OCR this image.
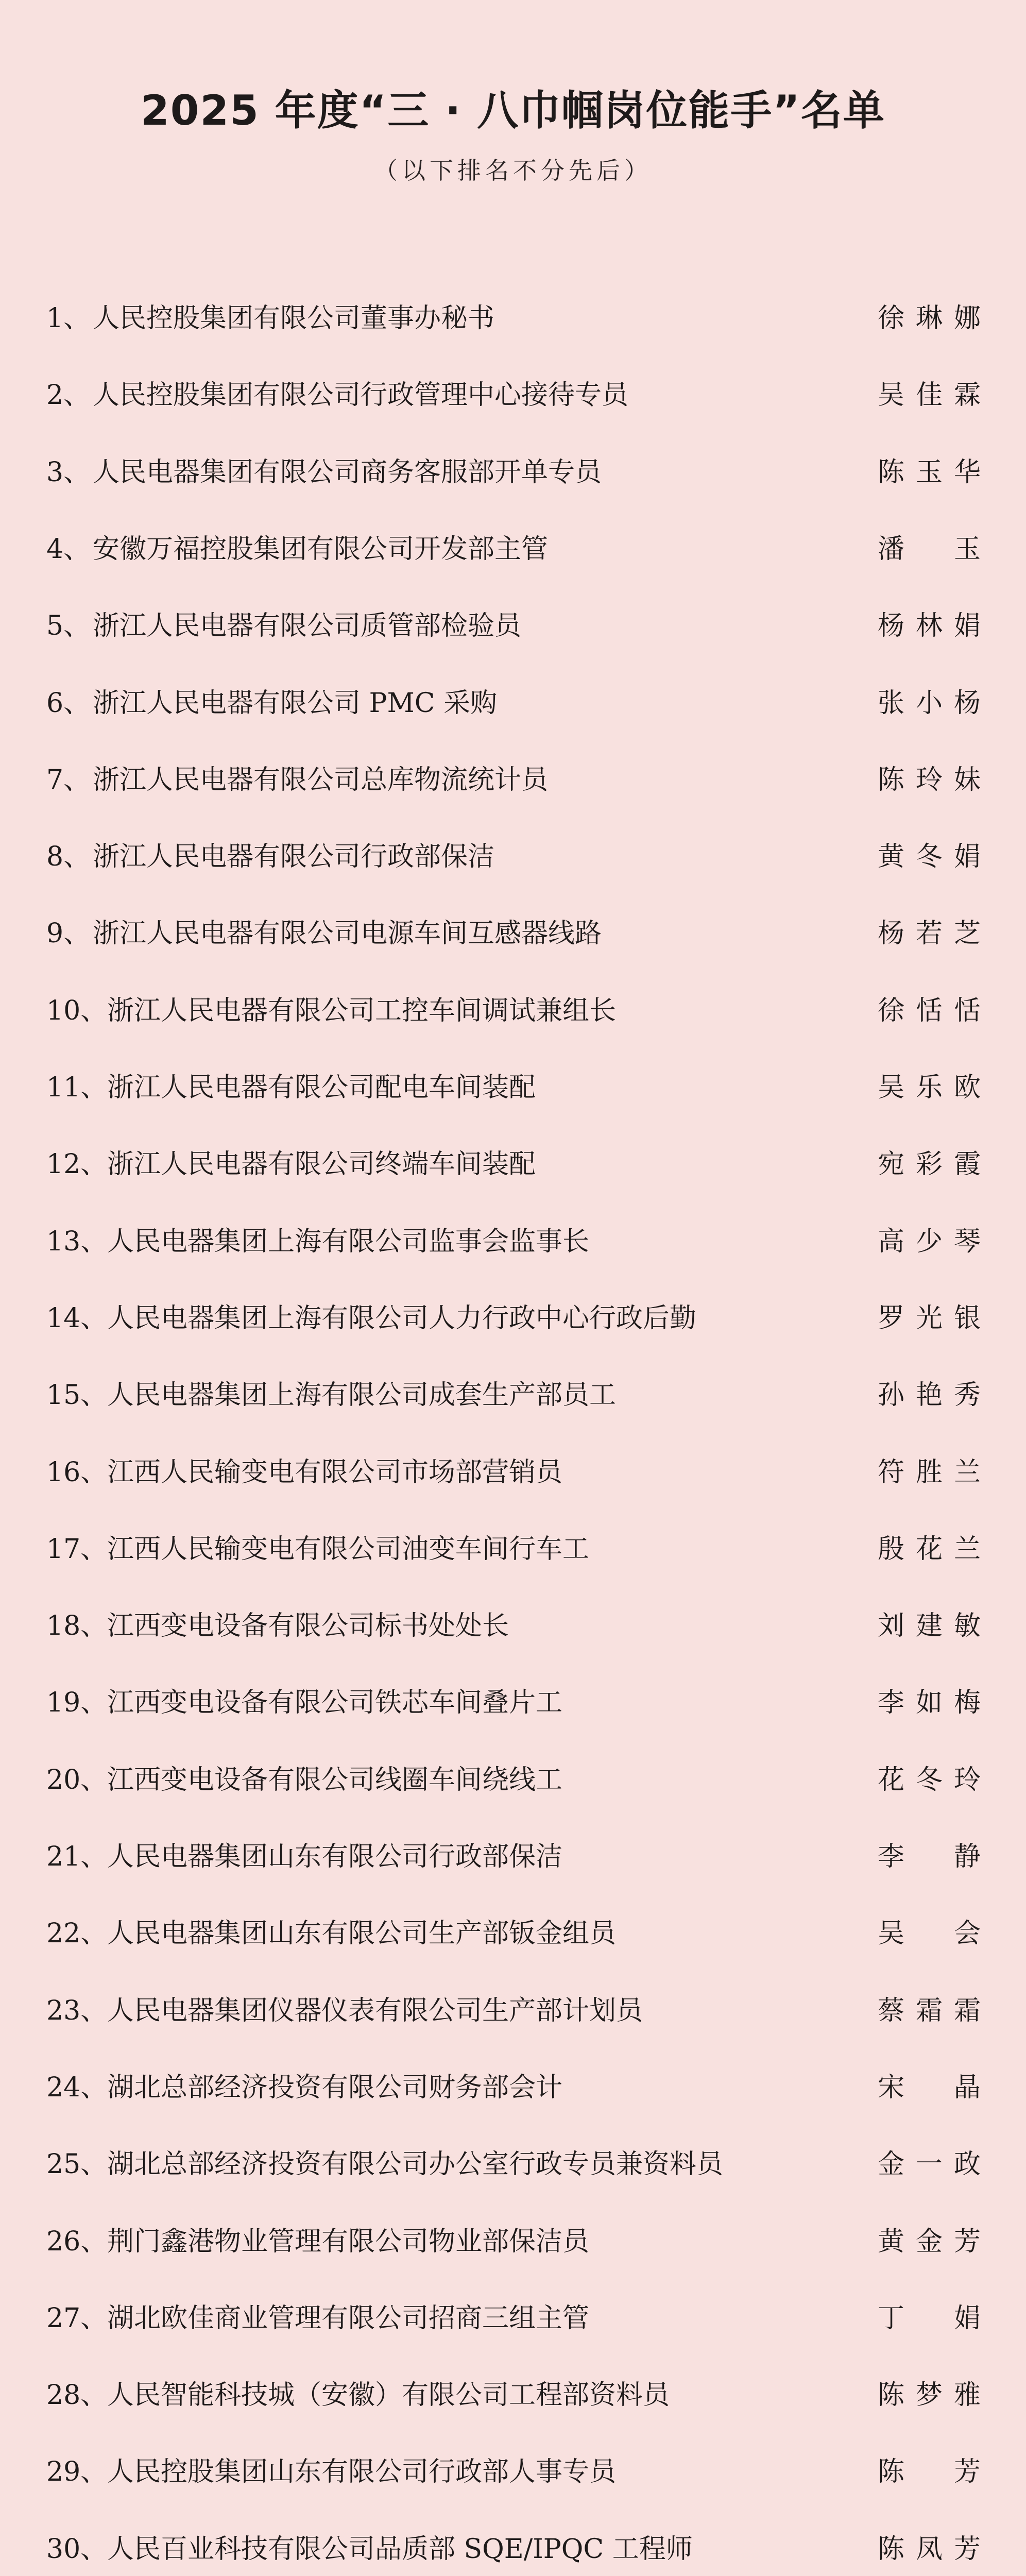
2025 年度“三 · 八巾帼岗位能手”名单
（以下排名不分先后）
1、 人民控股集团有限公司董事办秘书	徐琳娜
2、 人民控股集团有限公司行政管理中心接待专员	吴佳霖
3、 人民电器集团有限公司商务客服部开单专员	陈玉华
4、 安徽万福控股集团有限公司开发部主管	潘 玉
5、 浙江人民电器有限公司质管部检验员	杨林娟
6、 浙江人民电器有限公司 PMC 采购	张小杨
7、 浙江人民电器有限公司总库物流统计员	陈玲妹
8、 浙江人民电器有限公司行政部保洁	黄冬娟
9、 浙江人民电器有限公司电源车间互感器线路	杨若芝
10、 浙江人民电器有限公司工控车间调试兼组长	徐恬恬
11、 浙江人民电器有限公司配电车间装配	吴乐欧
12、 浙江人民电器有限公司终端车间装配	宛彩霞
13、 人民电器集团上海有限公司监事会监事长	高少琴
14、 人民电器集团上海有限公司人力行政中心行政后勤	罗光银
15、 人民电器集团上海有限公司成套生产部员工	孙艳秀
16、 江西人民输变电有限公司市场部营销员	符胜兰
17、 江西人民输变电有限公司油变车间行车工	殷花兰
18、 江西变电设备有限公司标书处处长	刘建敏
19、 江西变电设备有限公司铁芯车间叠片工	李如梅
20、 江西变电设备有限公司线圈车间绕线工	花冬玲
21、 人民电器集团山东有限公司行政部保洁	李 静
22、 人民电器集团山东有限公司生产部钣金组员	吴 会
23、 人民电器集团仪器仪表有限公司生产部计划员	蔡霜霜
24、 湖北总部经济投资有限公司财务部会计	宋 晶
25、 湖北总部经济投资有限公司办公室行政专员兼资料员	金一政
26、 荆门鑫港物业管理有限公司物业部保洁员	黄金芳
27、 湖北欧佳商业管理有限公司招商三组主管	丁 娟
28、 人民智能科技城（安徽）有限公司工程部资料员	陈梦雅
29、 人民控股集团山东有限公司行政部人事专员	陈 芳
30、 人民百业科技有限公司品质部 SQE/IPQC 工程师	陈凤芳
